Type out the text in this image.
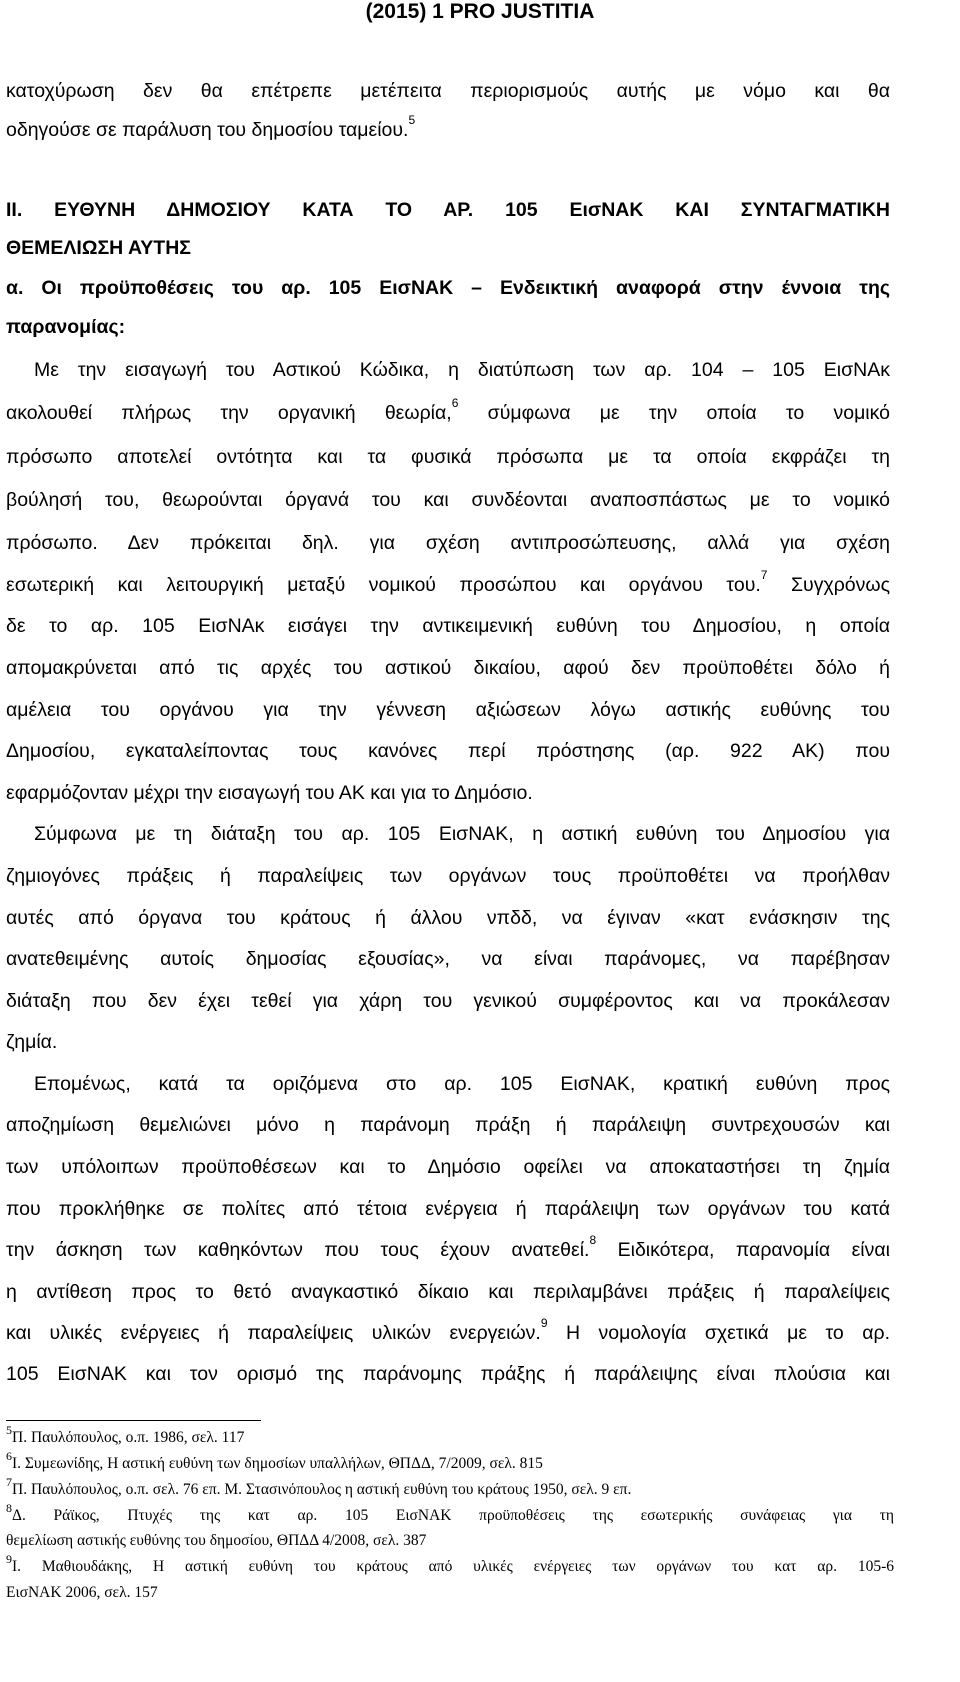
(2015) 1 PRO JUSTITIA
κατοχύρωση δεν θα επέτρεπε μετέπειτα περιορισμούς αυτής με νόμο και θα
οδηγούσε σε παράλυση του δημοσίου ταμείου.$^5$
II. ΕΥΘΥΝΗ ΔΗΜΟΣΙΟΥ ΚΑΤΑ ΤΟ ΑΡ. 105 ΕισΝΑΚ ΚΑΙ ΣΥΝΤΑΓΜΑΤΙΚΗ
ΘΕΜΕΛΙΩΣΗ ΑΥΤΗΣ
α. Οι προϋποθέσεις του αρ. 105 ΕισΝΑΚ – Ενδεικτική αναφορά στην έννοια της
παρανομίας:
Με την εισαγωγή του Αστικού Κώδικα, η διατύπωση των αρ. 104 – 105 ΕισΝΑκ
ακολουθεί πλήρως την οργανική θεωρία,$^6$ σύμφωνα με την οποία το νομικό
πρόσωπο αποτελεί οντότητα και τα φυσικά πρόσωπα με τα οποία εκφράζει τη
βούλησή του, θεωρούνται όργανά του και συνδέονται αναποσπάστως με το νομικό
πρόσωπο. Δεν πρόκειται δηλ. για σχέση αντιπροσώπευσης, αλλά για σχέση
εσωτερική και λειτουργική μεταξύ νομικού προσώπου και οργάνου του.$^7$ Συγχρόνως
δε το αρ. 105 ΕισΝΑκ εισάγει την αντικειμενική ευθύνη του Δημοσίου, η οποία
απομακρύνεται από τις αρχές του αστικού δικαίου, αφού δεν προϋποθέτει δόλο ή
αμέλεια του οργάνου για την γέννεση αξιώσεων λόγω αστικής ευθύνης του
Δημοσίου, εγκαταλείποντας τους κανόνες περί πρόστησης (αρ. 922 ΑΚ) που
εφαρμόζονταν μέχρι την εισαγωγή του ΑΚ και για το Δημόσιο.
Σύμφωνα με τη διάταξη του αρ. 105 ΕισΝΑΚ, η αστική ευθύνη του Δημοσίου για
ζημιογόνες πράξεις ή παραλείψεις των οργάνων τους προϋποθέτει να προήλθαν
αυτές από όργανα του κράτους ή άλλου νπδδ, να έγιναν «κατ ενάσκησιν της
ανατεθειμένης αυτοίς δημοσίας εξουσίας», να είναι παράνομες, να παρέβησαν
διάταξη που δεν έχει τεθεί για χάρη του γενικού συμφέροντος και να προκάλεσαν
ζημία.
Επομένως, κατά τα οριζόμενα στο αρ. 105 ΕισΝΑΚ, κρατική ευθύνη προς
αποζημίωση θεμελιώνει μόνο η παράνομη πράξη ή παράλειψη συντρεχουσών και
των υπόλοιπων προϋποθέσεων και το Δημόσιο οφείλει να αποκαταστήσει τη ζημία
που προκλήθηκε σε πολίτες από τέτοια ενέργεια ή παράλειψη των οργάνων του κατά
την άσκηση των καθηκόντων που τους έχουν ανατεθεί.$^8$ Ειδικότερα, παρανομία είναι
η αντίθεση προς το θετό αναγκαστικό δίκαιο και περιλαμβάνει πράξεις ή παραλείψεις
και υλικές ενέργειες ή παραλείψεις υλικών ενεργειών.$^9$ Η νομολογία σχετικά με το αρ.
105 ΕισΝΑΚ και τον ορισμό της παράνομης πράξης ή παράλειψης είναι πλούσια και
$^5$Π. Παυλόπουλος, ο.π. 1986, σελ. 117
$^6$Ι. Συμεωνίδης, Η αστική ευθύνη των δημοσίων υπαλλήλων, ΘΠΔΔ, 7/2009, σελ. 815
$^7$Π. Παυλόπουλος, ο.π. σελ. 76 επ. Μ. Στασινόπουλος η αστική ευθύνη του κράτους 1950, σελ. 9 επ.
$^8$Δ. Ράϊκος, Πτυχές της κατ αρ. 105 ΕισΝΑΚ προϋποθέσεις της εσωτερικής συνάφειας για τη
θεμελίωση αστικής ευθύνης του δημοσίου, ΘΠΔΔ 4/2008, σελ. 387
$^9$Ι. Μαθιουδάκης, Η αστική ευθύνη του κράτους από υλικές ενέργειες των οργάνων του κατ αρ. 105-6
ΕισΝΑΚ 2006, σελ. 157
